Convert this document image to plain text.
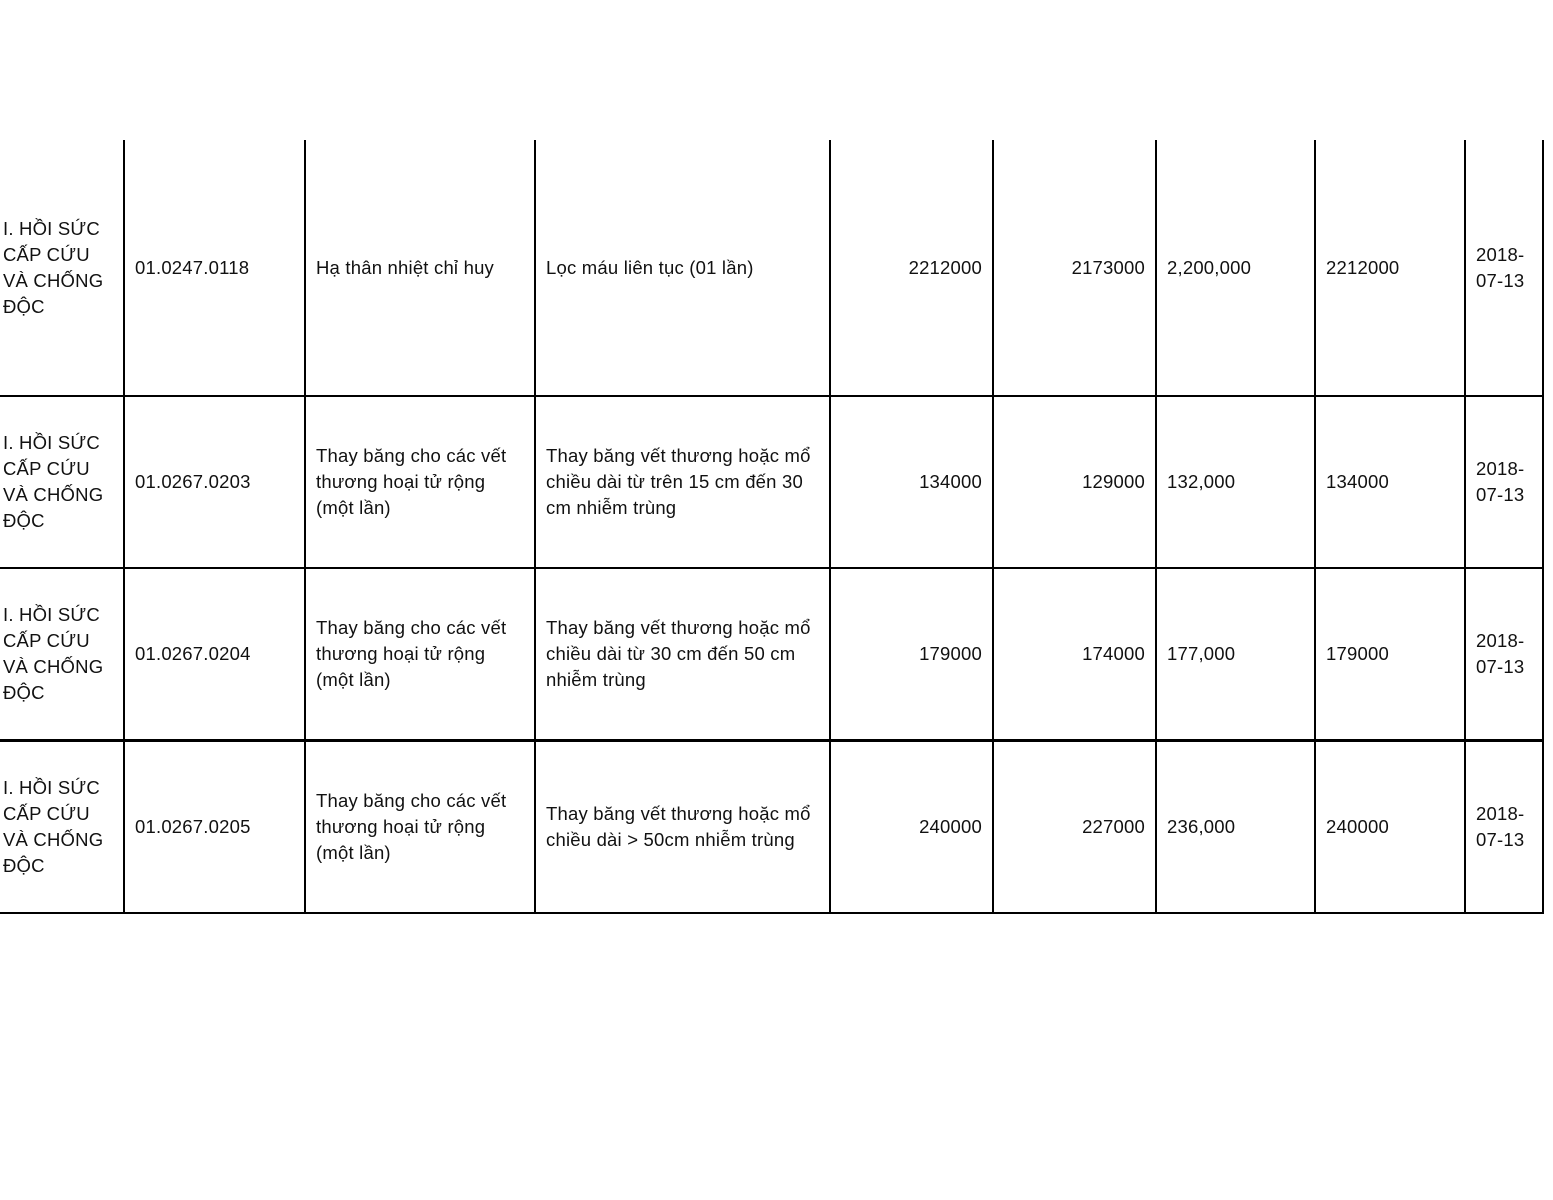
I. HỒI SỨC CẤP CỨU VÀ CHỐNG ĐỘC	01.0247.0118	Hạ thân nhiệt chỉ huy	Lọc máu liên tục (01 lần)	2212000	2173000	2,200,000	2212000	2018-07-13
I. HỒI SỨC CẤP CỨU VÀ CHỐNG ĐỘC	01.0267.0203	Thay băng cho các vết thương hoại tử rộng (một lần)	Thay băng vết thương hoặc mổ chiều dài từ trên 15 cm đến 30 cm nhiễm trùng	134000	129000	132,000	134000	2018-07-13
I. HỒI SỨC CẤP CỨU VÀ CHỐNG ĐỘC	01.0267.0204	Thay băng cho các vết thương hoại tử rộng (một lần)	Thay băng vết thương hoặc mổ chiều dài từ 30 cm đến 50 cm nhiễm trùng	179000	174000	177,000	179000	2018-07-13
I. HỒI SỨC CẤP CỨU VÀ CHỐNG ĐỘC	01.0267.0205	Thay băng cho các vết thương hoại tử rộng (một lần)	Thay băng vết thương hoặc mổ chiều dài > 50cm nhiễm trùng	240000	227000	236,000	240000	2018-07-13
